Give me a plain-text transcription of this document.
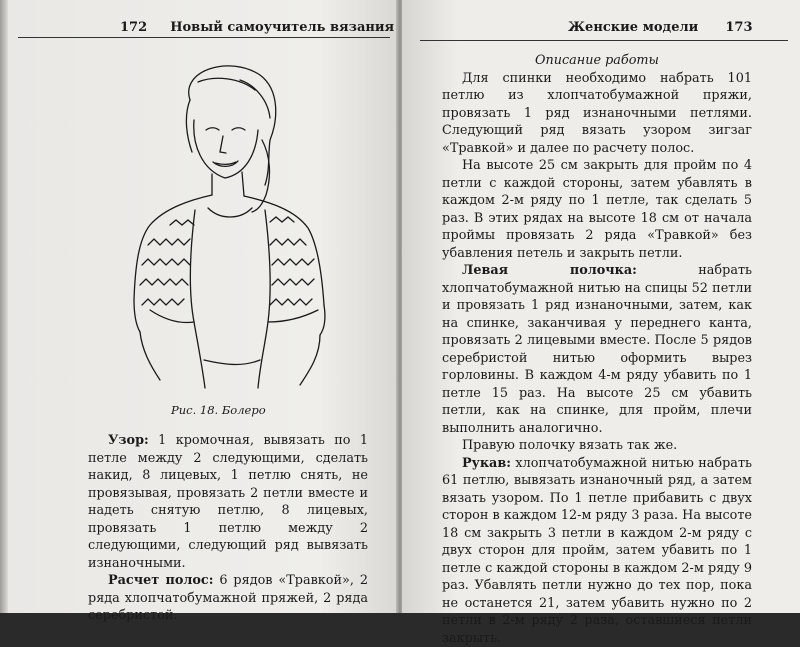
172 Новый самоучитель вязания
Рис. 18. Болеро

Узор: 1 кромочная, вывязать по 1 петле между 2 следующими, сделать накид, 8 лицевых, 1 петлю снять, не провязывая, провязать 2 петли вместе и надеть снятую петлю, 8 лицевых, провязать 1 петлю между 2 следующими, следующий ряд вывязать изнаночными.

Расчет полос: 6 рядов «Травкой», 2 ряда хлопчатобумажной пряжей, 2 ряда серебристой.

Женские модели 173

Описание работы

Для спинки необходимо набрать 101 петлю из хлопчатобумажной пряжи, провязать 1 ряд изнаночными петлями. Следующий ряд вязать узором зигзаг «Травкой» и далее по расчету полос.

На высоте 25 см закрыть для пройм по 4 петли с каждой стороны, затем убавлять в каждом 2-м ряду по 1 петле, так сделать 5 раз. В этих рядах на высоте 18 см от начала проймы провязать 2 ряда «Травкой» без убавления петель и закрыть петли.

Левая полочка: набрать хлопчатобумажной нитью на спицы 52 петли и провязать 1 ряд изнаночными, затем, как на спинке, заканчивая у переднего канта, провязать 2 лицевыми вместе. После 5 рядов серебристой нитью оформить вырез горловины. В каждом 4-м ряду убавить по 1 петле 15 раз. На высоте 25 см убавить петли, как на спинке, для пройм, плечи выполнить аналогично.

Правую полочку вязать так же.

Рукав: хлопчатобумажной нитью набрать 61 петлю, вывязать изнаночный ряд, а затем вязать узором. По 1 петле прибавить с двух сторон в каждом 12-м ряду 3 раза. На высоте 18 см закрыть 3 петли в каждом 2-м ряду с двух сторон для пройм, затем убавить по 1 петле с каждой стороны в каждом 2-м ряду 9 раз. Убавлять петли нужно до тех пор, пока не останется 21, затем убавить нужно по 2 петли в 2-м ряду 2 раза, оставшиеся петли закрыть.
